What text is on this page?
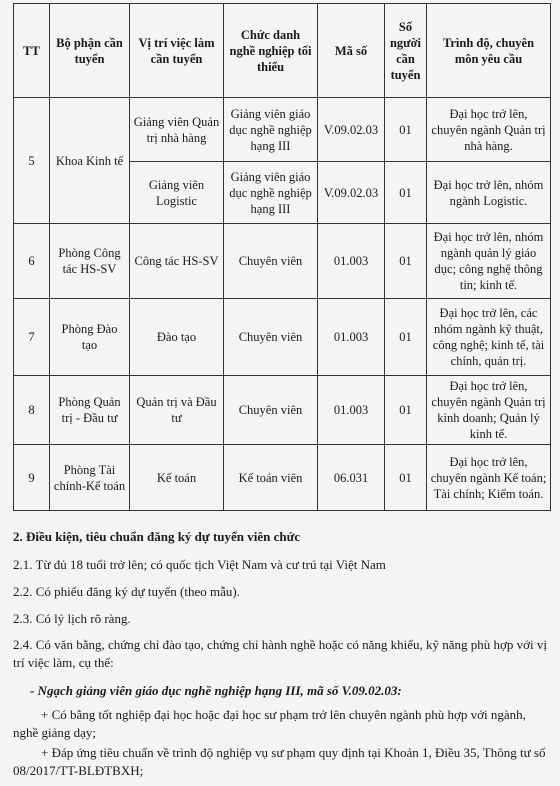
TT	Bộ phận cần tuyển	Vị trí việc làm cần tuyển	Chức danh nghề nghiệp tối thiểu	Mã số	Số người cần tuyển	Trình độ, chuyên môn yêu cầu
5	Khoa Kinh tế	Giảng viên Quản trị nhà hàng	Giảng viên giáo dục nghề nghiệp hạng III	V.09.02.03	01	Đại học trở lên, chuyên ngành Quản trị nhà hàng.
		Giảng viên Logistic	Giảng viên giáo dục nghề nghiệp hạng III	V.09.02.03	01	Đại học trở lên, nhóm ngành Logistic.
6	Phòng Công tác HS-SV	Công tác HS-SV	Chuyên viên	01.003	01	Đại học trở lên, nhóm ngành quản lý giáo dục; công nghệ thông tin; kinh tế.
7	Phòng Đào tạo	Đào tạo	Chuyên viên	01.003	01	Đại học trở lên, các nhóm ngành kỹ thuật, công nghệ; kinh tế, tài chính, quản trị.
8	Phòng Quản trị - Đầu tư	Quản trị và Đầu tư	Chuyên viên	01.003	01	Đại học trở lên, chuyên ngành Quản trị kinh doanh; Quản lý kinh tế.
9	Phòng Tài chính-Kế toán	Kế toán	Kế toán viên	06.031	01	Đại học trở lên, chuyên ngành Kế toán; Tài chính; Kiểm toán.
2. Điều kiện, tiêu chuẩn đăng ký dự tuyển viên chức
2.1. Từ đủ 18 tuổi trở lên; có quốc tịch Việt Nam và cư trú tại Việt Nam
2.2. Có phiếu đăng ký dự tuyển (theo mẫu).
2.3. Có lý lịch rõ ràng.
2.4. Có văn bằng, chứng chỉ đào tạo, chứng chỉ hành nghề hoặc có năng khiếu, kỹ năng phù hợp với vị trí việc làm, cụ thể:
- Ngạch giảng viên giáo dục nghề nghiệp hạng III, mã số V.09.02.03:
+ Có bằng tốt nghiệp đại học hoặc đại học sư phạm trở lên chuyên ngành phù hợp với ngành, nghề giảng dạy;
+ Đáp ứng tiêu chuẩn về trình độ nghiệp vụ sư phạm quy định tại Khoản 1, Điều 35, Thông tư số 08/2017/TT-BLĐTBXH;
